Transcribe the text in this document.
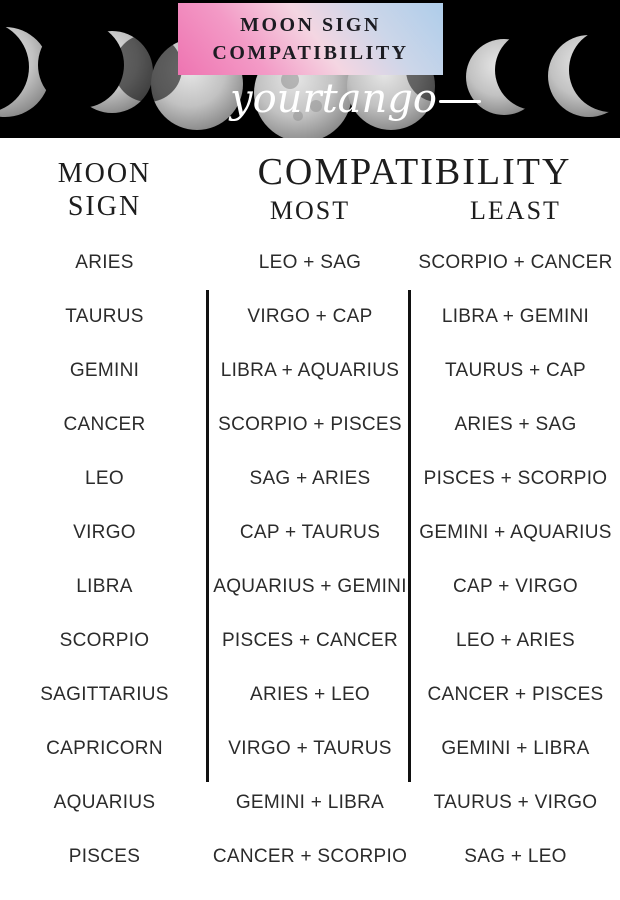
MOON SIGN
COMPATIBILITY
yourtango
MOON
SIGN
COMPATIBILITY
MOST	LEAST
ARIES	LEO + SAG	SCORPIO + CANCER
TAURUS	VIRGO + CAP	LIBRA + GEMINI
GEMINI	LIBRA + AQUARIUS	TAURUS + CAP
CANCER	SCORPIO + PISCES	ARIES + SAG
LEO	SAG + ARIES	PISCES + SCORPIO
VIRGO	CAP + TAURUS	GEMINI + AQUARIUS
LIBRA	AQUARIUS + GEMINI	CAP + VIRGO
SCORPIO	PISCES + CANCER	LEO + ARIES
SAGITTARIUS	ARIES + LEO	CANCER + PISCES
CAPRICORN	VIRGO + TAURUS	GEMINI + LIBRA
AQUARIUS	GEMINI + LIBRA	TAURUS + VIRGO
PISCES	CANCER + SCORPIO	SAG + LEO
